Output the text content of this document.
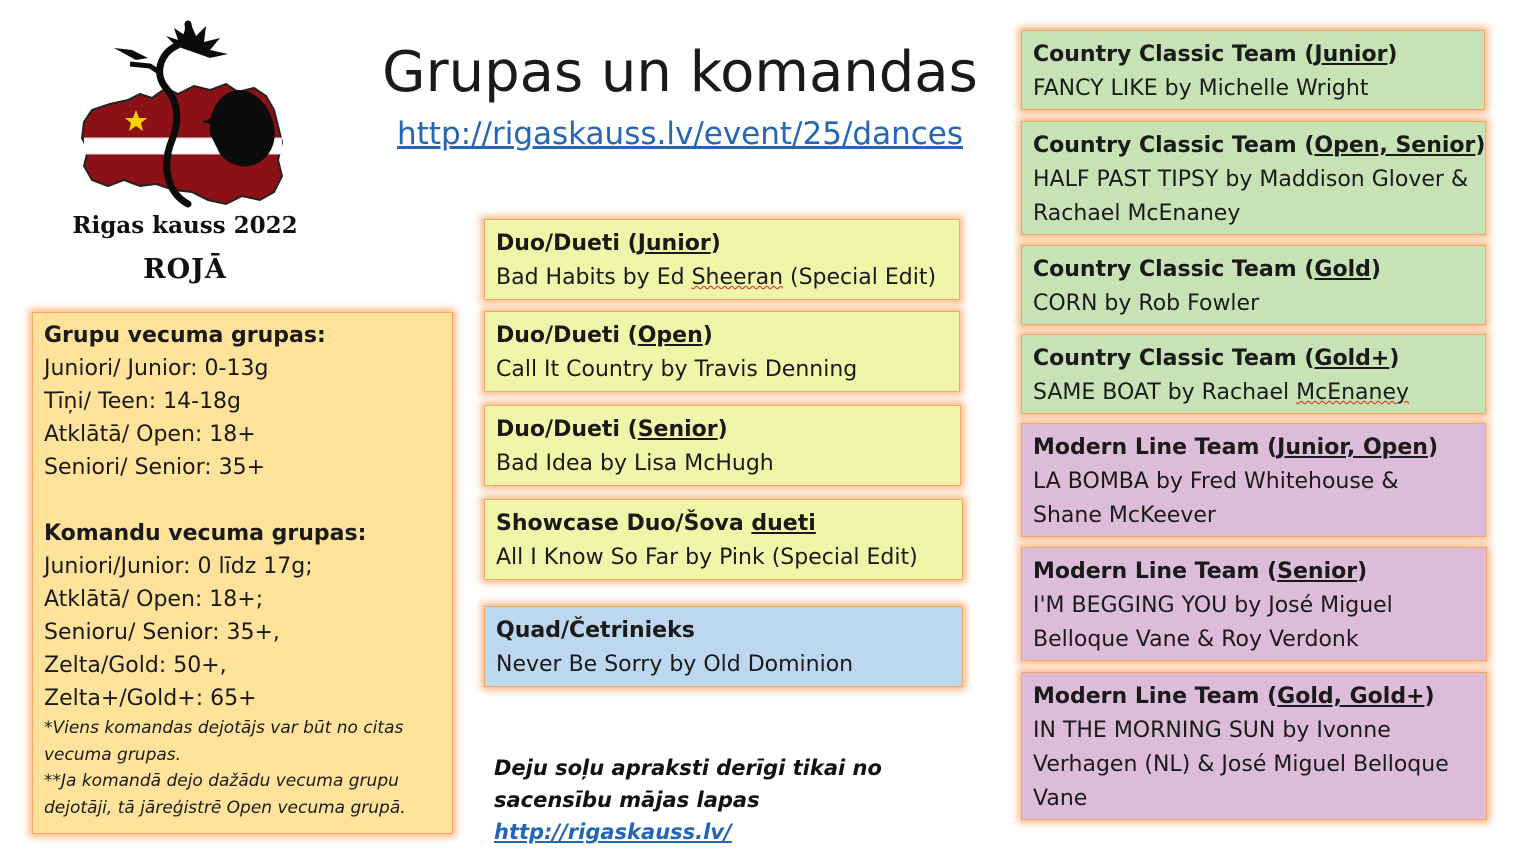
Rigas kauss 2022
ROJĀ
Grupas un komandas
http://rigaskauss.lv/event/25/dances
Grupu vecuma grupas:
Juniori/ Junior: 0-13g
Tīņi/ Teen: 14-18g
Atklātā/ Open: 18+
Seniori/ Senior: 35+
Komandu vecuma grupas:
Juniori/Junior: 0 līdz 17g;
Atklātā/ Open: 18+;
Senioru/ Senior: 35+,
Zelta/Gold: 50+,
Zelta+/Gold+: 65+
*Viens komandas dejotājs var būt no citas vecuma grupas.
**Ja komandā dejo dažādu vecuma grupu dejotāji, tā jāreģistrē Open vecuma grupā.
Duo/Dueti (Junior)
Bad Habits by Ed Sheeran (Special Edit)
Duo/Dueti (Open)
Call It Country by Travis Denning
Duo/Dueti (Senior)
Bad Idea by Lisa McHugh
Showcase Duo/Šova dueti
All I Know So Far by Pink (Special Edit)
Quad/Četrinieks
Never Be Sorry by Old Dominion
Deju soļu apraksti derīgi tikai no sacensību mājas lapas http://rigaskauss.lv/
Country Classic Team (Junior)
FANCY LIKE by Michelle Wright
Country Classic Team (Open, Senior)
HALF PAST TIPSY by Maddison Glover & Rachael McEnaney
Country Classic Team (Gold)
CORN by Rob Fowler
Country Classic Team (Gold+)
SAME BOAT by Rachael McEnaney
Modern Line Team (Junior, Open)
LA BOMBA by Fred Whitehouse & Shane McKeever
Modern Line Team (Senior)
I'M BEGGING YOU by José Miguel Belloque Vane & Roy Verdonk
Modern Line Team (Gold, Gold+)
IN THE MORNING SUN by Ivonne Verhagen (NL) & José Miguel Belloque Vane
